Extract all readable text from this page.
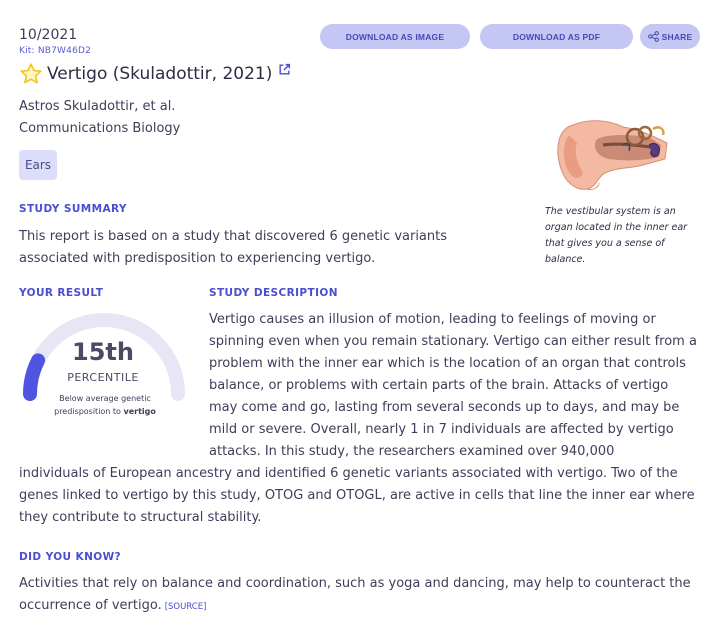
10/2021
Kit: NB7W46D2
Vertigo (Skuladottir, 2021)
Astros Skuladottir, et al.
Communications Biology
Ears
DOWNLOAD AS IMAGE	DOWNLOAD AS PDF	SHARE
STUDY SUMMARY
This report is based on a study that discovered 6 genetic variants associated with predisposition to experiencing vertigo.
The vestibular system is an organ located in the inner ear that gives you a sense of balance.
YOUR RESULT	STUDY DESCRIPTION
15th
PERCENTILE
Below average genetic predisposition to vertigo
Vertigo causes an illusion of motion, leading to feelings of moving or spinning even when you remain stationary. Vertigo can either result from a problem with the inner ear which is the location of an organ that controls balance, or problems with certain parts of the brain. Attacks of vertigo may come and go, lasting from several seconds up to days, and may be mild or severe. Overall, nearly 1 in 7 individuals are affected by vertigo attacks. In this study, the researchers examined over 940,000
individuals of European ancestry and identified 6 genetic variants associated with vertigo. Two of the genes linked to vertigo by this study, OTOG and OTOGL, are active in cells that line the inner ear where they contribute to structural stability.
DID YOU KNOW?
Activities that rely on balance and coordination, such as yoga and dancing, may help to counteract the occurrence of vertigo. [SOURCE]
